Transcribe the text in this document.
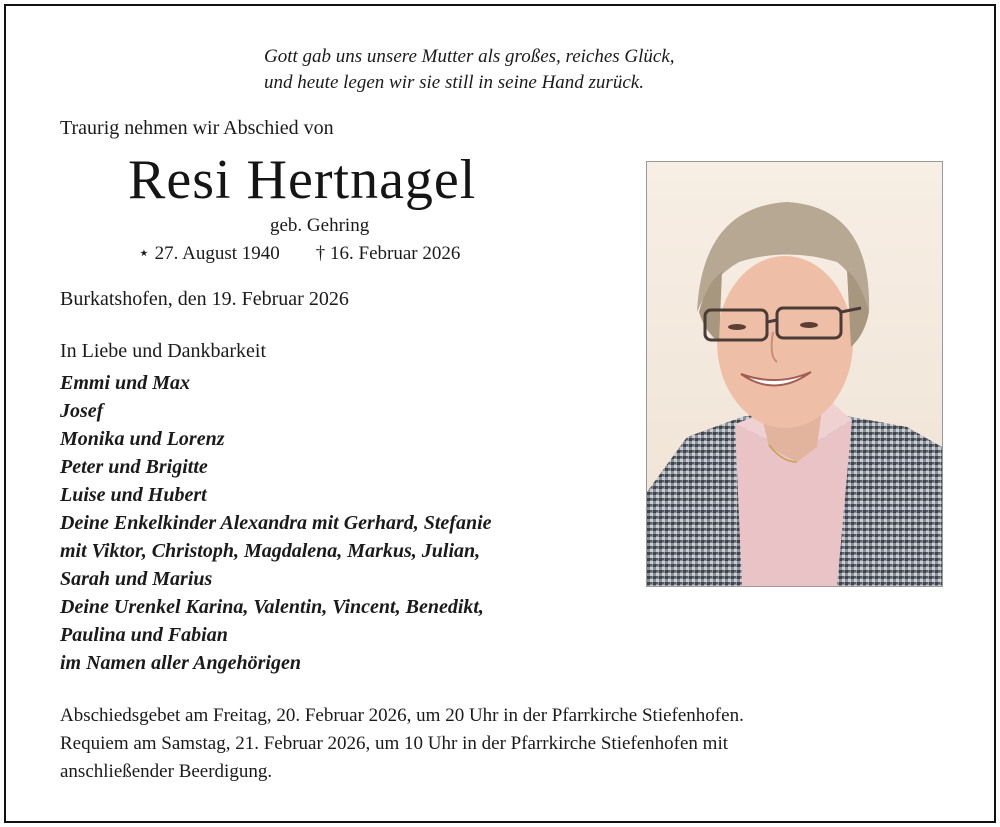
Gott gab uns unsere Mutter als großes, reiches Glück,
und heute legen wir sie still in seine Hand zurück.
Traurig nehmen wir Abschied von
Resi Hertnagel
geb. Gehring
⋆ 27. August 1940 † 16. Februar 2026
Burkatshofen, den 19. Februar 2026
In Liebe und Dankbarkeit
Emmi und Max
Josef
Monika und Lorenz
Peter und Brigitte
Luise und Hubert
Deine Enkelkinder Alexandra mit Gerhard, Stefanie
mit Viktor, Christoph, Magdalena, Markus, Julian,
Sarah und Marius
Deine Urenkel Karina, Valentin, Vincent, Benedikt,
Paulina und Fabian
im Namen aller Angehörigen

Abschiedsgebet am Freitag, 20. Februar 2026, um 20 Uhr in der Pfarrkirche Stiefenhofen.

Requiem am Samstag, 21. Februar 2026, um 10 Uhr in der Pfarrkirche Stiefenhofen mit

anschließender Beerdigung.
